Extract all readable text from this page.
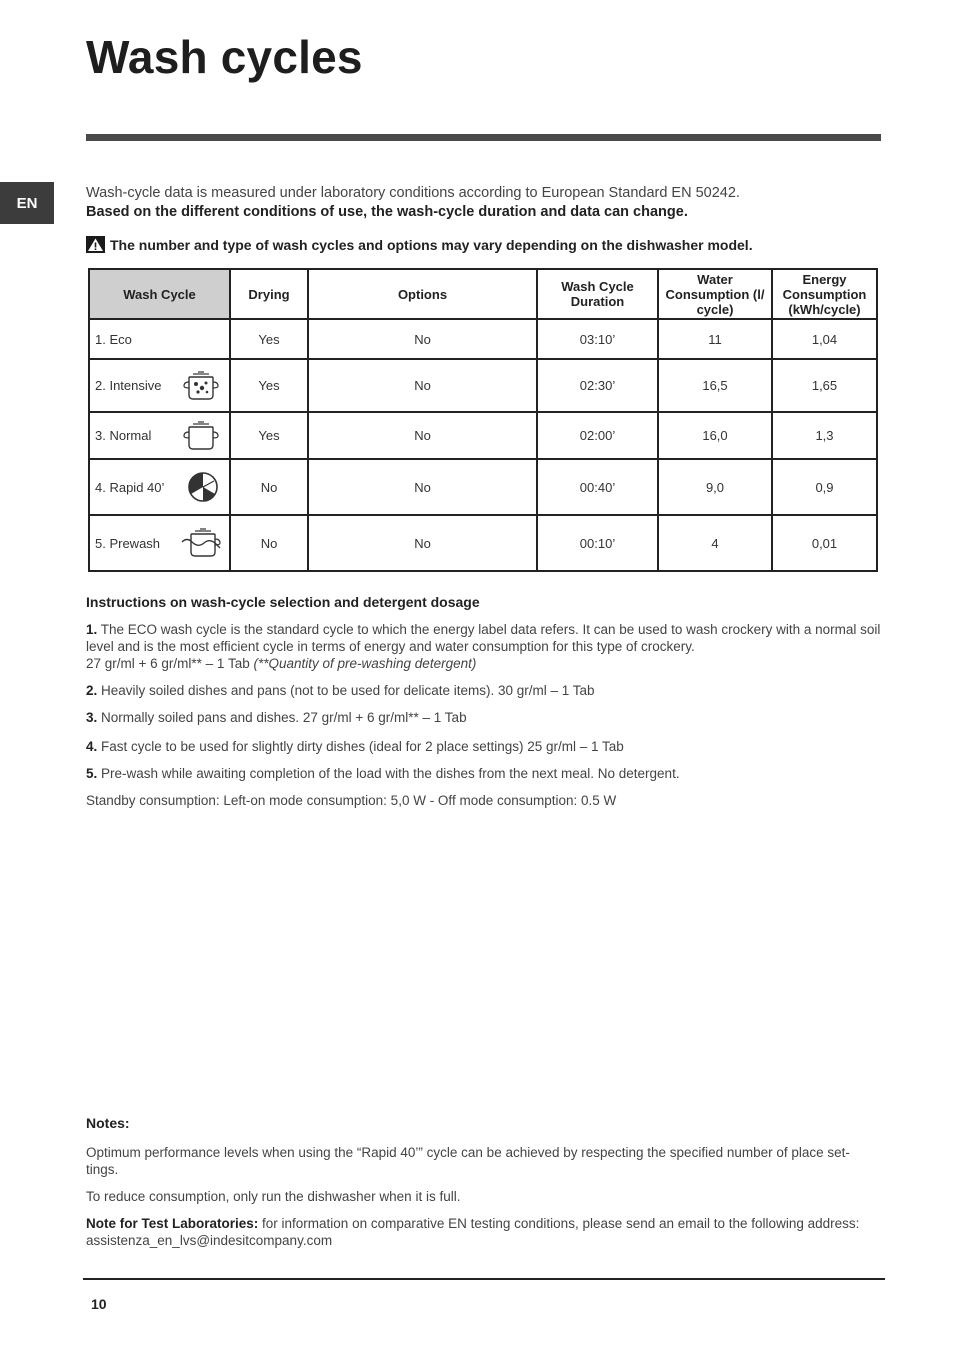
Wash cycles
EN
Wash-cycle data is measured under laboratory conditions according to European Standard EN 50242.
Based on the different conditions of use, the wash-cycle duration and data can change.
The number and type of wash cycles and options may vary depending on the dishwasher model.
Wash Cycle	Drying	Options	Wash Cycle Duration	Water Consumption (l/ cycle)	Energy Consumption (kWh/cycle)
1. Eco	Yes	No	03:10’	11	1,04

2. Intensive	Yes	No	02:30’	16,5	1,65

3. Normal	Yes	No	02:00’	16,0	1,3

4. Rapid 40’	No	No	00:40’	9,0	0,9

5. Prewash	No	No	00:10’	4	0,01
Instructions on wash-cycle selection and detergent dosage

1. The ECO wash cycle is the standard cycle to which the energy label data refers. It can be used to wash crockery with a normal soil level and is the most efficient cycle in terms of energy and water consumption for this type of crockery.
27 gr/ml + 6 gr/ml** – 1 Tab (**Quantity of pre-washing detergent)

2. Heavily soiled dishes and pans (not to be used for delicate items). 30 gr/ml – 1 Tab

3. Normally soiled pans and dishes. 27 gr/ml + 6 gr/ml** – 1 Tab

4. Fast cycle to be used for slightly dirty dishes (ideal for 2 place settings) 25 gr/ml – 1 Tab

5. Pre-wash while awaiting completion of the load with the dishes from the next meal. No detergent.

Standby consumption: Left-on mode consumption: 5,0 W - Off mode consumption: 0.5 W

Notes:

Optimum performance levels when using the “Rapid 40’” cycle can be achieved by respecting the specified number of place set-tings.

To reduce consumption, only run the dishwasher when it is full.

Note for Test Laboratories: for information on comparative EN testing conditions, please send an email to the following address: assistenza_en_lvs@indesitcompany.com

10
